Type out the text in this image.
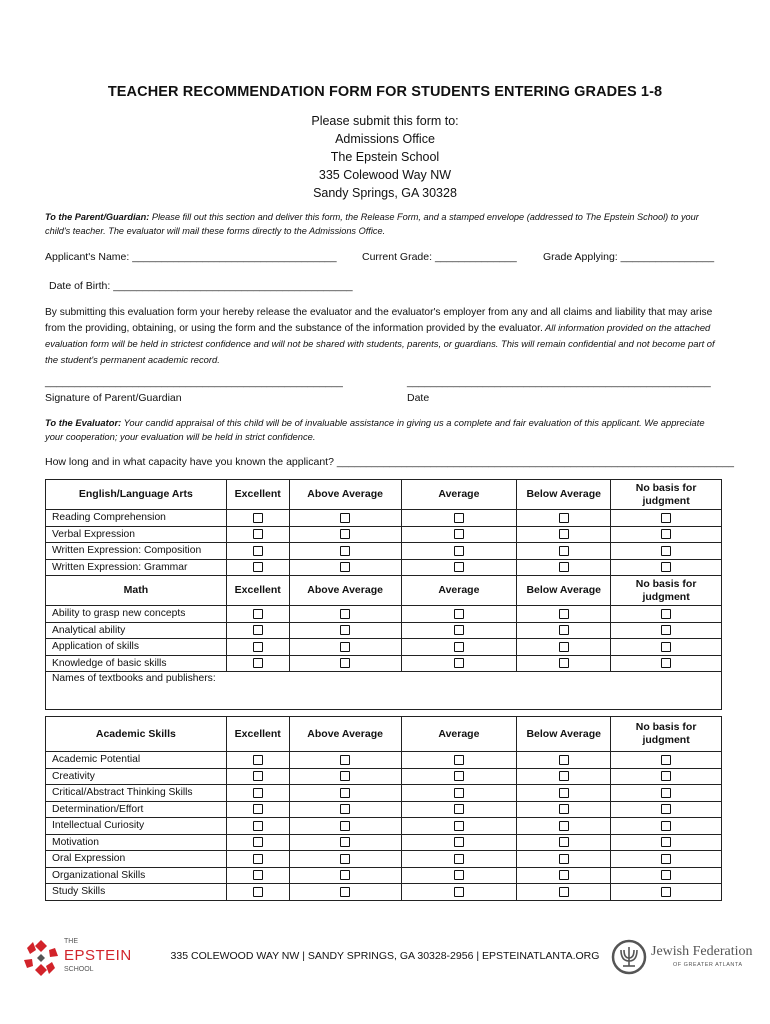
TEACHER RECOMMENDATION FORM FOR STUDENTS ENTERING GRADES 1-8
Please submit this form to:
Admissions Office
The Epstein School
335 Colewood Way NW
Sandy Springs, GA 30328
To the Parent/Guardian: Please fill out this section and deliver this form, the Release Form, and a stamped envelope (addressed to The Epstein School) to your child's teacher. The evaluator will mail these forms directly to the Admissions Office.
Applicant's Name: ___________________________________ Current Grade: ______________	Grade Applying: ________________
Date of Birth: _________________________________________
By submitting this evaluation form your hereby release the evaluator and the evaluator's employer from any and all claims and liability that may arise from the providing, obtaining, or using the form and the substance of the information provided by the evaluator. All information provided on the attached evaluation form will be held in strictest confidence and will not be shared with students, parents, or guardians. This will remain confidential and not become part of the student's permanent academic record.
___________________________________________________
Signature of Parent/Guardian
____________________________________________________
Date
To the Evaluator: Your candid appraisal of this child will be of invaluable assistance in giving us a complete and fair evaluation of this applicant. We appreciate your cooperation; your evaluation will be held in strict confidence.
How long and in what capacity have you known the applicant? ____________________________________________________________________
English/Language Arts	Excellent	Above Average	Average	Below Average	No basis for judgment
Reading Comprehension					
Verbal Expression					
Written Expression: Composition					
Written Expression: Grammar					
Math	Excellent	Above Average	Average	Below Average	No basis for judgment
Ability to grasp new concepts					
Analytical ability					
Application of skills					
Knowledge of basic skills					
Names of textbooks and publishers:					
Academic Skills	Excellent	Above Average	Average	Below Average	No basis for judgment
Academic Potential					
Creativity					
Critical/Abstract Thinking Skills					
Determination/Effort					
Intellectual Curiosity					
Motivation					
Oral Expression					
Organizational Skills					
Study Skills					
THE
EPSTEIN
SCHOOL
335 COLEWOOD WAY NW | SANDY SPRINGS, GA 30328-2956 | EPSTEINATLANTA.ORG	Jewish Federation
OF GREATER ATLANTA
